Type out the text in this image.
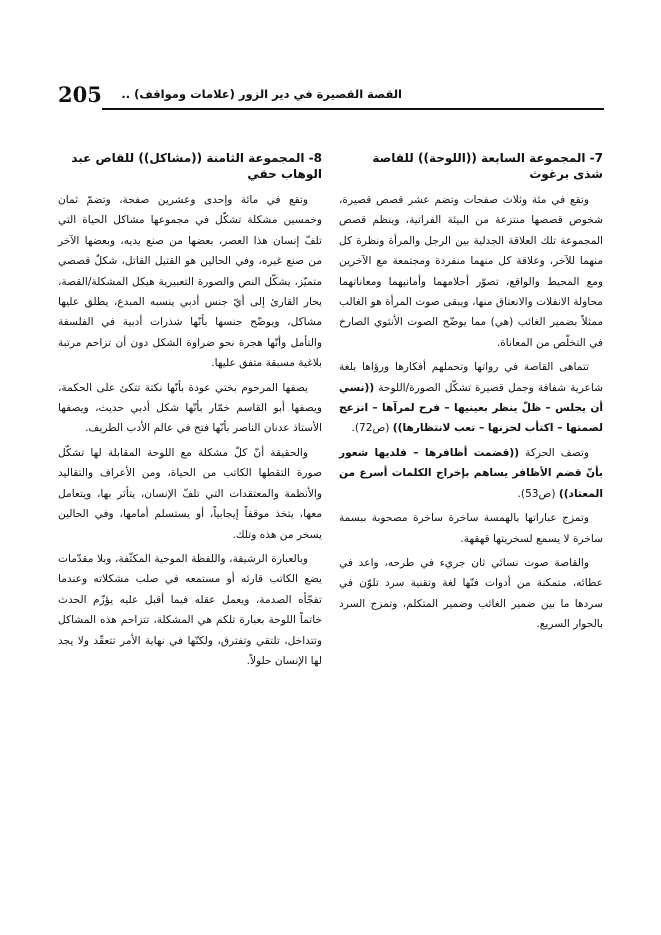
205	القصة القصيرة في دير الزور (علامات ومواقف) ..
7- المجموعة السابعة ((اللوحة)) للقاصة شذى برغوث

وتقع في مئة وثلاث صفحات وتضم عشر قصص قصيرة، شخوص قصصها منتزعة من البيئة الفراتية، وينظم قصص المجموعة تلك العلاقة الجدلية بين الرجل والمرأة ونظرة كل منهما للآخر، وعلاقة كل منهما منفردة ومجتمعة مع الآخرين ومع المحيط والواقع، تصوّر أحلامهما وأمانيهما ومعاناتهما محاولة الانفلات والانعتاق منها، ويبقى صوت المرأة هو الغالب ممثلاً بضمير الغائب (هي) مما يوضّح الصوت الأنثوي الصارخ في التخلّص من المعاناة.

تتماهى القاصة في رواتها وتحملهم أفكارها ورؤاها بلغة شاعرية شفافة وجمل قصيرة تشكّل الصورة/اللوحة ((نسي أن يجلس – ظلّ ينظر بعينيها – فرح لمرآها – انزعج لصمتها – اكتأب لحزنها – تعب لانتظارها)) (ص72).

وتصف الحركة ((قضمت أظافرها – فلديها شعور بأنّ قضم الأظافر يساهم بإخراج الكلمات أسرع من المعتاد)) (ص53).

وتمزج عباراتها بالهمسة ساخرة ساخرة مصحوبة ببسمة ساخرة لا يسمع لسخريتها قهقهة.

والقاصة صوت نسائي ثان جريء في طرحه، واعد في عطائه، متمكنة من أدوات فنّها لغة وتقنية سرد تلوّن في سردها ما بين ضمير الغائب وضمير المتكلم، وتمزج السرد بالحوار السريع.

8- المجموعة الثامنة ((مشاكل)) للقاص عبد الوهاب حقي

وتقع في مائة وإحدى وعشرين صفحة، وتضمّ ثمان وخمسين مشكلة تشكّل في مجموعها مشاكل الحياة التي تلفّ إنسان هذا العصر، بعضها من صنع يديه، وبعضها الآخر من صنع غيره، وفي الحالين هو القتيل القاتل، شكلٌ قصصي متميّز، يشكّل النص والصورة التعبيرية هيكل المشكلة/القصة، يحار القارئ إلى أيّ جنس أدبي ينسبه المبدع، يطلق عليها مشاكل، ويوضّح جنسها بأنّها شذرات أدبية في الفلسفة والتأمل وأنّها هجرة نحو ضراوة الشكل دون أن تزاحم مرتبة بلاغية مسبقة متفق عليها.

يصفها المرحوم بختي عودة بأنّها نكتة تتكئ على الحكمة، ويصفها أبو القاسم خمّار بأنّها شكل أدبي حديث، ويصفها الأستاذ عدنان الناصر بأنّها فتح في عالم الأدب الطريف.

والحقيقة أنّ كلّ مشكلة مع اللوحة المقابلة لها تشكّل صورة التقطها الكاتب من الحياة، ومن الأعراف والتقاليد والأنظمة والمعتقدات التي تلفّ الإنسان، يتأثر بها، ويتعامل معها، يتخذ موقفاً إيجابياً، أو يستسلم أمامها، وفي الحالين يسخر من هذه وتلك.

وبالعبارة الرشيقة، واللفظة الموحية المكثّفة، وبلا مقدّمات يضع الكاتب قارئه أو مستمعه في صلب مشكلاته وعندما تفجّأه الصدمة، ويعمل عقله فيما أقبل عليه يؤزّم الحدث خاتماً اللوحة بعبارة تلكم هي المشكلة، تتزاحم هذه المشاكل وتتداخل، تلتقي وتفترق، ولكنّها في نهاية الأمر تتعقّد ولا يجد لها الإنسان حلولاً.
